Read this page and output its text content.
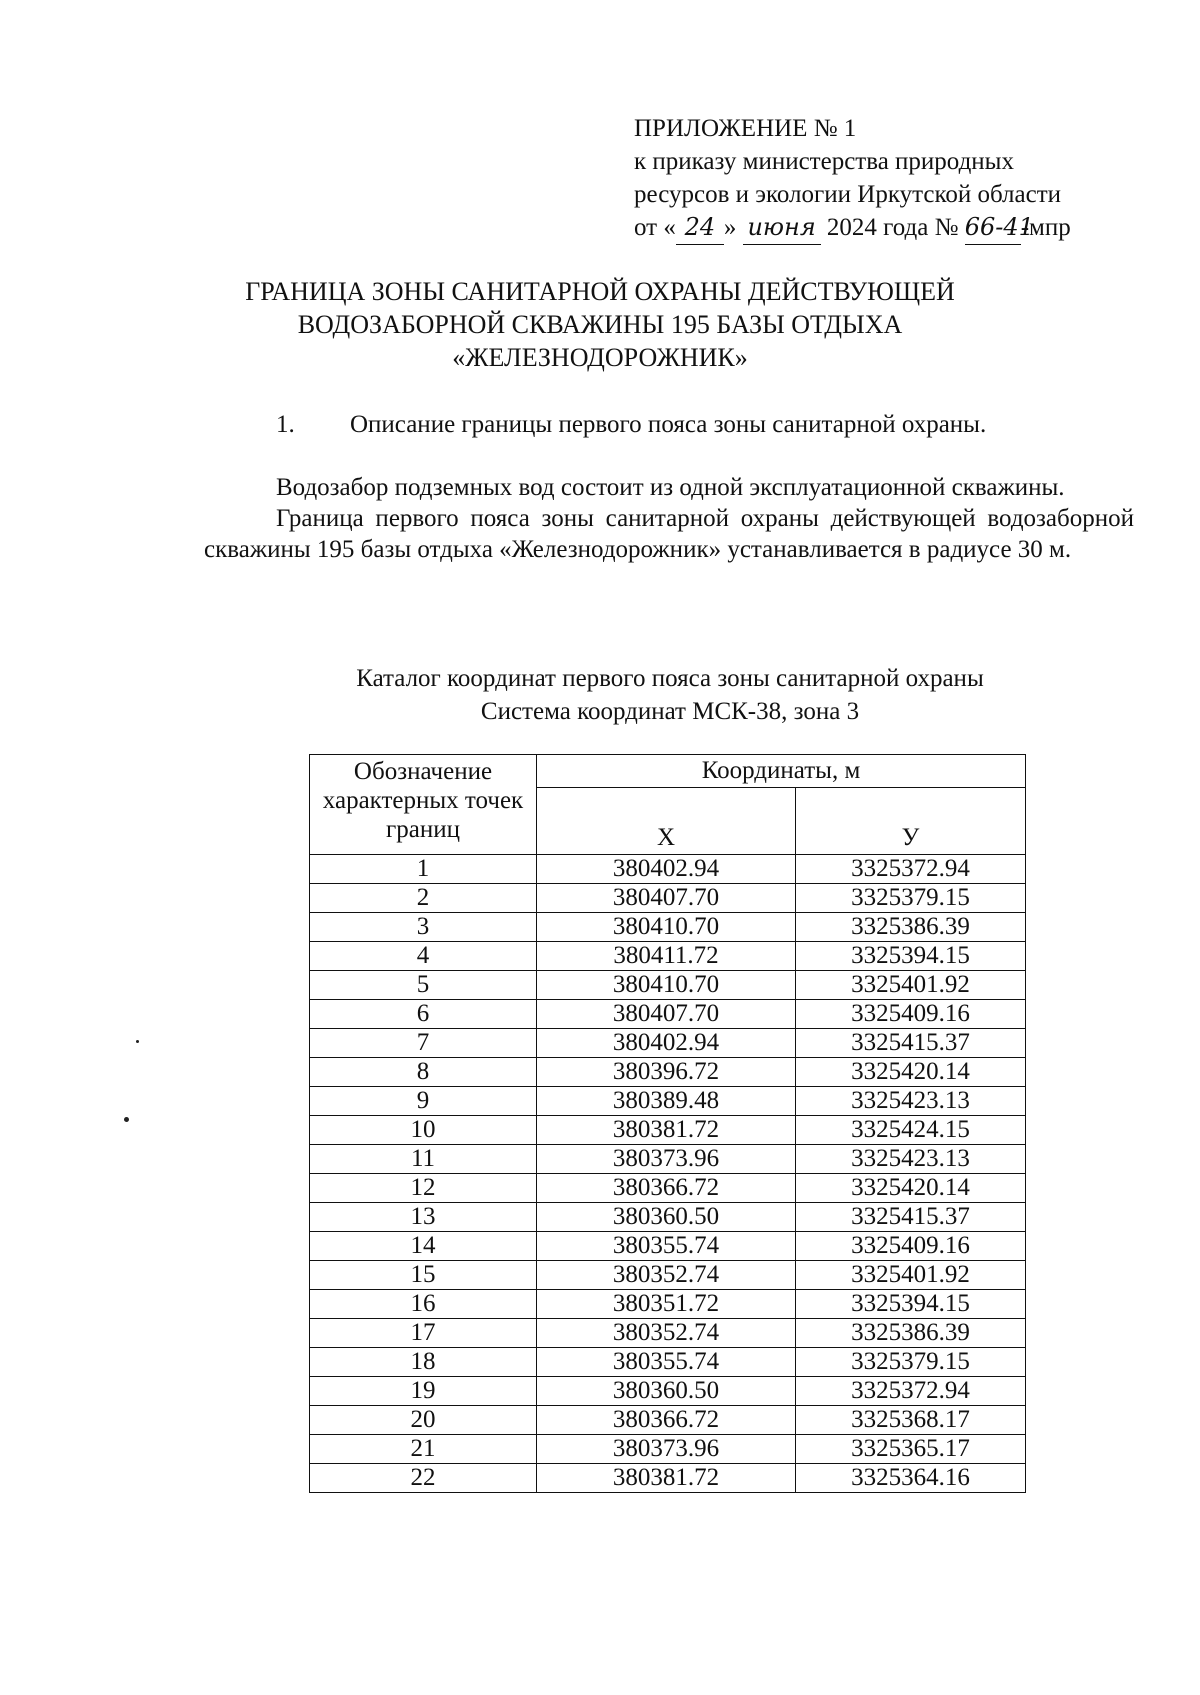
ПРИЛОЖЕНИЕ № 1
к приказу министерства природных
ресурсов и экологии Иркутской области
от « 24 » июня 2024 года № 66-41-мпр
ГРАНИЦА ЗОНЫ САНИТАРНОЙ ОХРАНЫ ДЕЙСТВУЮЩЕЙ
ВОДОЗАБОРНОЙ СКВАЖИНЫ 195 БАЗЫ ОТДЫХА
«ЖЕЛЕЗНОДОРОЖНИК»
1. Описание границы первого пояса зоны санитарной охраны.

Водозабор подземных вод состоит из одной эксплуатационной скважины.

Граница первого пояса зоны санитарной охраны действующей водозаборной скважины 195 базы отдыха «Железнодорожник» устанавливается в радиусе 30 м.

Каталог координат первого пояса зоны санитарной охраны
Система координат МСК-38, зона 3
Обозначение характерных точек границ	Координаты, м	
	Х	У
1	380402.94	3325372.94
2	380407.70	3325379.15
3	380410.70	3325386.39
4	380411.72	3325394.15
5	380410.70	3325401.92
6	380407.70	3325409.16
7	380402.94	3325415.37
8	380396.72	3325420.14
9	380389.48	3325423.13
10	380381.72	3325424.15
11	380373.96	3325423.13
12	380366.72	3325420.14
13	380360.50	3325415.37
14	380355.74	3325409.16
15	380352.74	3325401.92
16	380351.72	3325394.15
17	380352.74	3325386.39
18	380355.74	3325379.15
19	380360.50	3325372.94
20	380366.72	3325368.17
21	380373.96	3325365.17
22	380381.72	3325364.16
